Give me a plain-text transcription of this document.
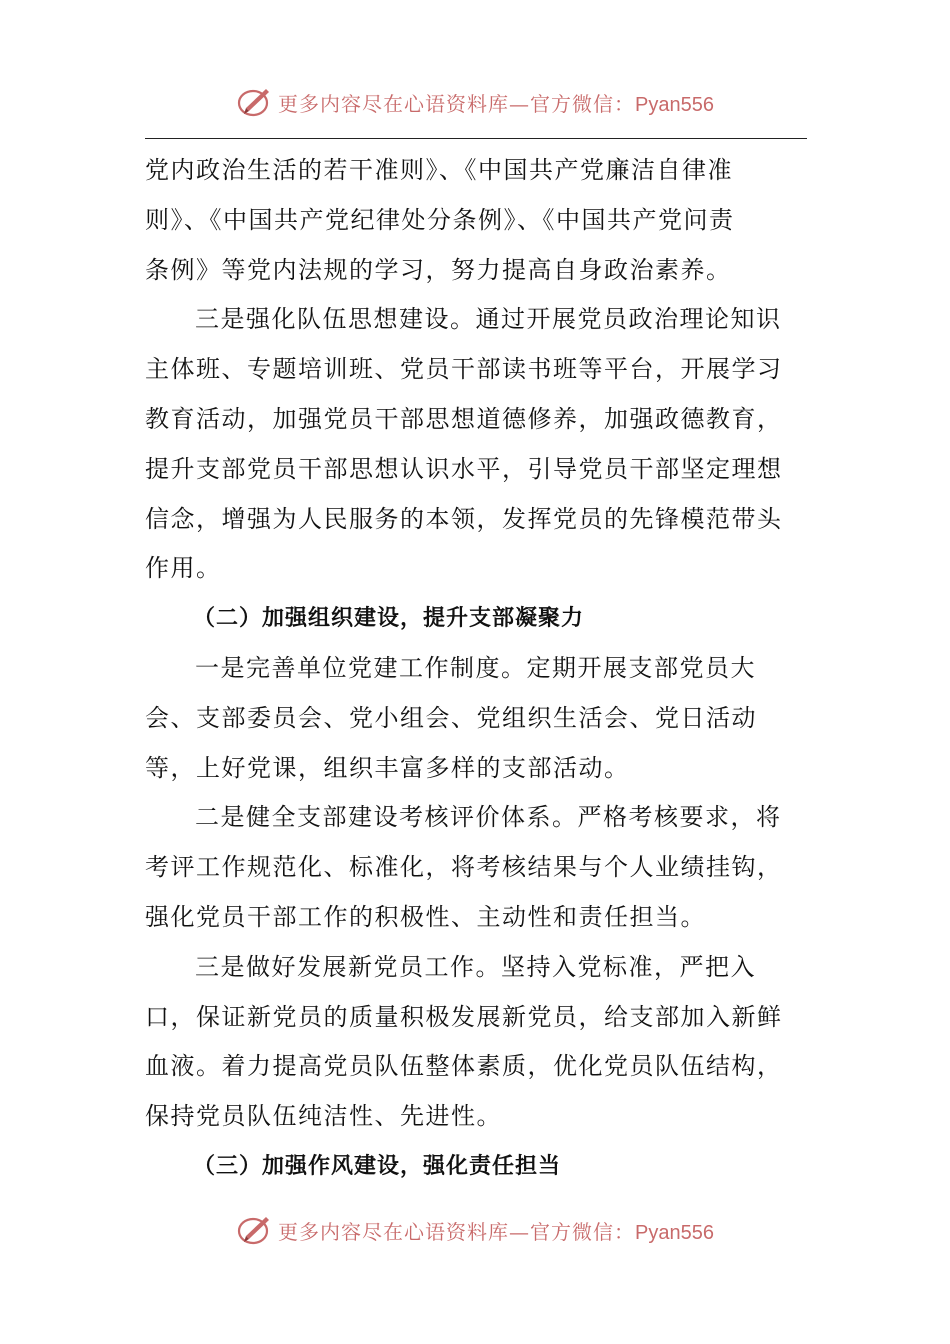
更多内容尽在心语资料库—官方微信：Pyan556

党内政治生活的若干准则》、《中国共产党廉洁自律准
则》、《中国共产党纪律处分条例》、《中国共产党问责
条例》等党内法规的学习，努力提高自身政治素养。

三是强化队伍思想建设。通过开展党员政治理论知识
主体班、专题培训班、党员干部读书班等平台，开展学习
教育活动，加强党员干部思想道德修养，加强政德教育，
提升支部党员干部思想认识水平，引导党员干部坚定理想
信念，增强为人民服务的本领，发挥党员的先锋模范带头
作用。

（二）加强组织建设，提升支部凝聚力

一是完善单位党建工作制度。定期开展支部党员大
会、支部委员会、党小组会、党组织生活会、党日活动
等，上好党课，组织丰富多样的支部活动。

二是健全支部建设考核评价体系。严格考核要求，将
考评工作规范化、标准化，将考核结果与个人业绩挂钩，
强化党员干部工作的积极性、主动性和责任担当。

三是做好发展新党员工作。坚持入党标准，严把入
口，保证新党员的质量积极发展新党员，给支部加入新鲜
血液。着力提高党员队伍整体素质，优化党员队伍结构，
保持党员队伍纯洁性、先进性。

（三）加强作风建设，强化责任担当

更多内容尽在心语资料库—官方微信：Pyan556
